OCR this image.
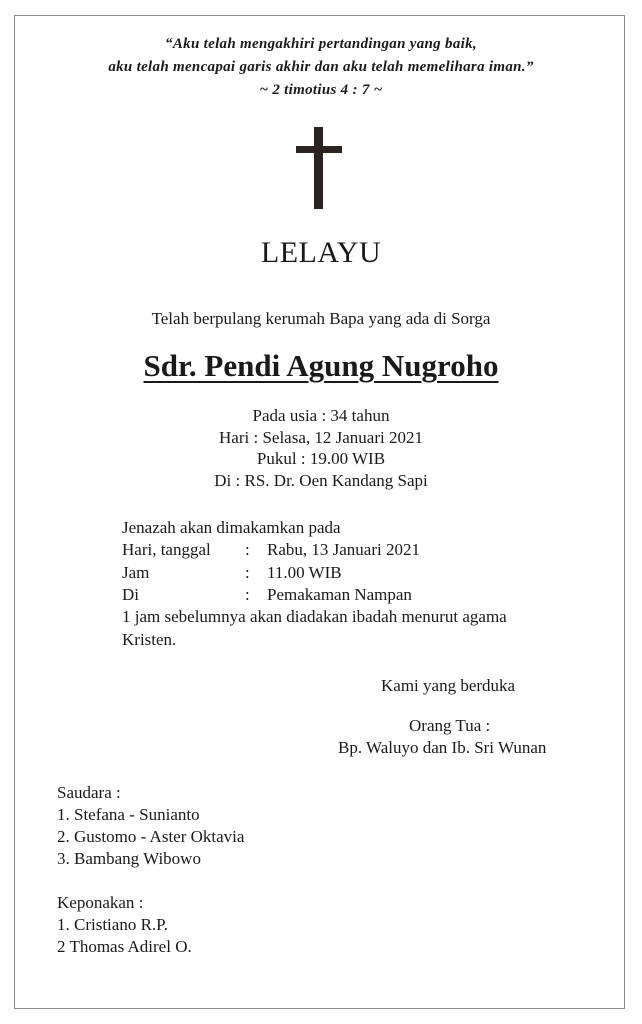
“Aku telah mengakhiri pertandingan yang baik,
aku telah mencapai garis akhir dan aku telah memelihara iman.”
~ 2 timotius 4 : 7 ~
LELAYU
Telah berpulang kerumah Bapa yang ada di Sorga
Sdr. Pendi Agung Nugroho
Pada usia : 34 tahun
Hari : Selasa, 12 Januari 2021
Pukul : 19.00 WIB
Di : RS. Dr. Oen Kandang Sapi
Jenazah akan dimakamkan pada
Hari, tanggal : Rabu, 13 Januari 2021
Jam	: 11.00 WIB
Di	: Pemakaman Nampan
1 jam sebelumnya akan diadakan ibadah menurut agama
Kristen.
Kami yang berduka
Orang Tua :
Bp. Waluyo dan Ib. Sri Wunan
Saudara :
1. Stefana - Sunianto
2. Gustomo - Aster Oktavia
3. Bambang Wibowo
Keponakan :
1. Cristiano R.P.
2 Thomas Adirel O.
